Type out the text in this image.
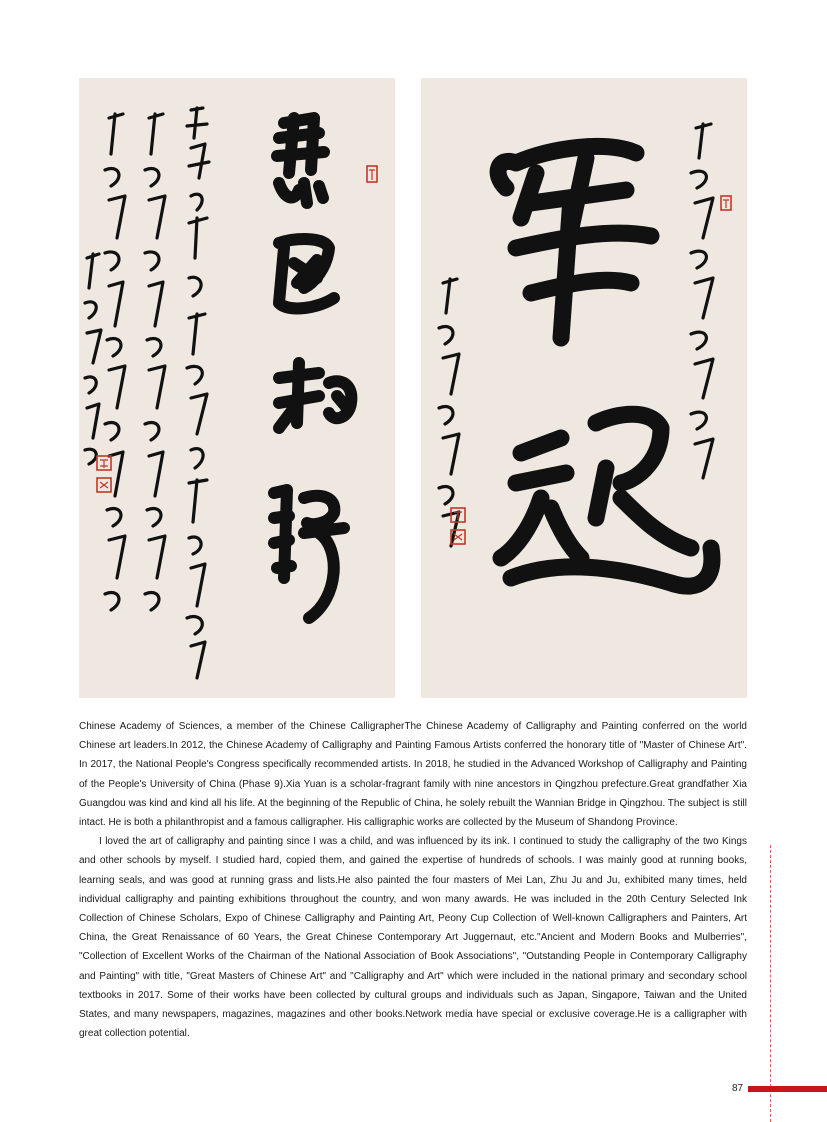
Chinese Academy of Sciences, a member of the Chinese CalligrapherThe Chinese Academy of Calligraphy and Painting conferred on the world Chinese art leaders.In 2012, the Chinese Academy of Calligraphy and Painting Famous Artists conferred the honorary title of "Master of Chinese Art". In 2017, the National People's Congress specifically recommended artists. In 2018, he studied in the Advanced Workshop of Calligraphy and Painting of the People's University of China (Phase 9).Xia Yuan is a scholar-fragrant family with nine ancestors in Qingzhou prefecture.Great grandfather Xia Guangdou was kind and kind all his life. At the beginning of the Republic of China, he solely rebuilt the Wannian Bridge in Qingzhou. The subject is still intact. He is both a philanthropist and a famous calligrapher. His calligraphic works are collected by the Museum of Shandong Province.

I loved the art of calligraphy and painting since I was a child, and was influenced by its ink. I continued to study the calligraphy of the two Kings and other schools by myself. I studied hard, copied them, and gained the expertise of hundreds of schools. I was mainly good at running books, learning seals, and was good at running grass and lists.He also painted the four masters of Mei Lan, Zhu Ju and Ju, exhibited many times, held individual calligraphy and painting exhibitions throughout the country, and won many awards. He was included in the 20th Century Selected Ink Collection of Chinese Scholars, Expo of Chinese Calligraphy and Painting Art, Peony Cup Collection of Well-known Calligraphers and Painters, Art China, the Great Renaissance of 60 Years, the Great Chinese Contemporary Art Juggernaut, etc."Ancient and Modern Books and Mulberries", "Collection of Excellent Works of the Chairman of the National Association of Book Associations", "Outstanding People in Contemporary Calligraphy and Painting" with title, "Great Masters of Chinese Art" and "Calligraphy and Art" which were included in the national primary and secondary school textbooks in 2017. Some of their works have been collected by cultural groups and individuals such as Japan, Singapore, Taiwan and the United States, and many newspapers, magazines, magazines and other books.Network media have special or exclusive coverage.He is a calligrapher with great collection potential.

87
